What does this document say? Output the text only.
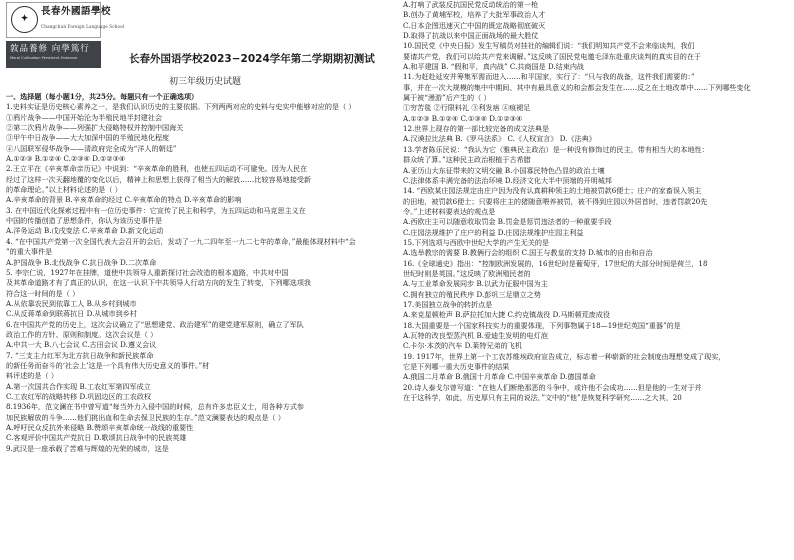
✦
長春外國語學校
Changchun Foreign Language School
敦品養修 向學篤行
Moral Cultivation Persistent Endeavor	长春外国语学校2023−2024学年第二学期期初测试
初三年级历史试题
一、选择题（每小题1分，共25分。每题只有一个正确选项）
1.史料实证是历史核心素养之一，是我们认识历史的主要依据。下列两两对应的史料与史实中能够对应的是（ ）
①鸦片战争——中国开始沦为半殖民地半封建社会
②第二次鸦片战争——列强扩大侵略特权并控制中国海关
③甲午中日战争——大大加深中国的半殖民地化程度
④八国联军侵华战争——清政府完全成为“洋人的朝廷”
A.①②③ B.①②④ C.②③④ D.①②③④
2.王立平在《辛亥革命亲历记》中说到：“辛亥革命的胜利，也使五四运动不可避免。因为人民在
经过了这样一次天翻地覆的变化以后，精神上和思想上获得了相当大的解放……比较容易地接受新
的革命理论。”以上材料论述的是（ ）
A.辛亥革命的背景 B.辛亥革命的经过 C.辛亥革命的特点 D.辛亥革命的影响
3. 在中国近代化探索过程中有一位历史事件：它宣传了民主和科学，为五四运动和马克思主义在
中国的传播创造了思想条件，你认为该历史事件是
A.洋务运动 B.戊戌变法 C.辛亥革命 D.新文化运动
4. “在中国共产党第一次全国代表大会召开的会后，发动了一九二四年至一九二七年的革命，”最能体现材料中“会
”的重大事件是
A.护国战争 B.北伐战争 C.抗日战争 D.二次革命
5. 李宗仁说，1927年在挂牌，道使中共领导人重新探讨社会改造的根本道路，中共对中国
及其革命道路才有了真正的认识，在这一认识下中共领导人行动方向的发生了转变，下列哪选项我
符合这一时间的是（ ）
A.从依靠农民到依靠工人 B.从乡村到城市
C.从反蒋革命到联蒋抗日 D.从城市到乡村
6.在中国共产党的历史上，这次会议确立了“思想建党、政治建军”的建党建军原则，确立了军队
政治工作的方针、原则和制度。这次会议是（ ）
A.中共一大 B.八七会议 C.古田会议 D.遵义会议
7. “三支主力红军为北方抗日战争和新民族革命
的新任务而奋斗的‘社会上’这是一个具有伟大历史意义的事件。”材
料评述的是（ ）
A.第一次国共合作实现 B.工农红军第四军成立
C.工农红军的战略转移 D.巩固边区的工农政权
8.1936年，范文澜在书中曾写道“每当外力入侵中国的时候，总有许多忠臣义士，用各种方式参
加民族解放的斗争……他们挑出血和生命去保卫民族的生存。”范文澜要表达的观点是（ ）
A.呼吁民众反抗外来侵略 B.赞颂辛亥革命统一战线的重要性
C.客观评价中国共产党抗日 D.歌颂抗日战争中的民族英雄
9.武汉是一座承载了苦难与辉煌的光荣的城市，这是
A.打响了武装反抗国民党反动统治的第一枪
B.创办了黄埔军校，培养了大批军事政治人才
C.日本企图迅速灭亡中国的既定战略彻底破灭
D.取得了抗战以来中国正面战场的最大胜仗
10.国民党《中央日报》发生写稿员对挂社的编辑们说：“我们明知共产党不会来临谈判，我们
要请共产党，我们可以给共产党来调解。”这反映了国民党电邀毛泽东赴重庆谈判的真实目的在于
A.和平建国 B. “假和平，真内战” C.共商国是 D.结束内战
11.为赶赴延安并筹集军需而进入……和平国家，实行了：“只与我的战备，这件我们需要的：”
事，并在一次大规模的集中中期间、其中有最具意义的和会都会发生在……反之在土地改革中……下列哪些变化
属于被“漫游”后产生的（ ）
①穷苦毯 ②行限料礼 ③利发痦 ④痕褪足
A.①②③ B.①②④ C.①③④ D.①②③④
12.世界上现存的第一部比较完备的成文法典是
A.汉谟拉比法典 B.《罗马法系》 C.《人权宣言》 D.《法典》
13.学者陈乐民说：“我认为它（雅典民主政治）是一种没有修饰过的民主，带有相当大的本地性：
群众统了算。”这种民主政治根植于古希腊
A.亚历山大东征带来的文明交融 B.小国寡民特色凸显的政治土壤
C.法律体系丰满完备的法治环境 D.经济文化大半中顶端的开明城邦
14. “西欧某庄园法规定由庄户因为没有认真耕种领主的土地被罚款6便士；庄户的家畜误入领主
的田地，被罚款6便士；只要将庄主的猪随意喂养被罚，被不得到庄园以外居首时，违者罚款20先
令。”上述材料要表达的观点是
A.西欧庄主可以随意收取罚金 B.罚金是惩罚违法者的一种重要手段
C.庄园法规维护了庄户的利益 D.庄园法规维护庄园主利益
15.下列选项与西欧中世纪大学的产生无关的是
A.选举教宗的需要 B.教俩行会的组织 C.国王与教皇的支持 D.城市的自由和自治
16.《全球通史》指出：“控制欧洲发展的，16世纪时是葡萄牙，17世纪的大部分时间是荷兰，18
世纪时则是英国。”这反映了欧洲殖民者的
A.与工业革命发展同步 B.以武力征服中国为主
C.拥有独立的殖民秩序 D.彭巩三足鼎立之势
17.美国独立战争的转折点是
A.来克星顿枪声 B.萨拉托加大捷 C.约克镇战役 D.马斯顿荒废成役
18.大国重要是一个国家科技实力的重要体现，下列事物属于18—19世纪英国“重器”的是
A.瓦特的改良型蒸汽机 B.爱迪生发明的电灯泡
C.卡尔·本茨的汽车 D.莱特兄弟的飞机
19. 1917年，世界上第一个工农苏维埃政府宣告成立，标志着一种崭新的社会制度由理想变成了现实，
它是下列哪一重大历史事件的结果
A.俄国二月革命 B.俄国十月革命 C.中国辛亥革命 D.德国革命
20.诗人泰戈尔曾写道：“在他人们断绝那恶的斗争中，或许他不会成功……但是他的一生对于并
在于这科学，如此，历史厚只有主同的说法，”文中的“他”是恢复科学研究……之大其，20
